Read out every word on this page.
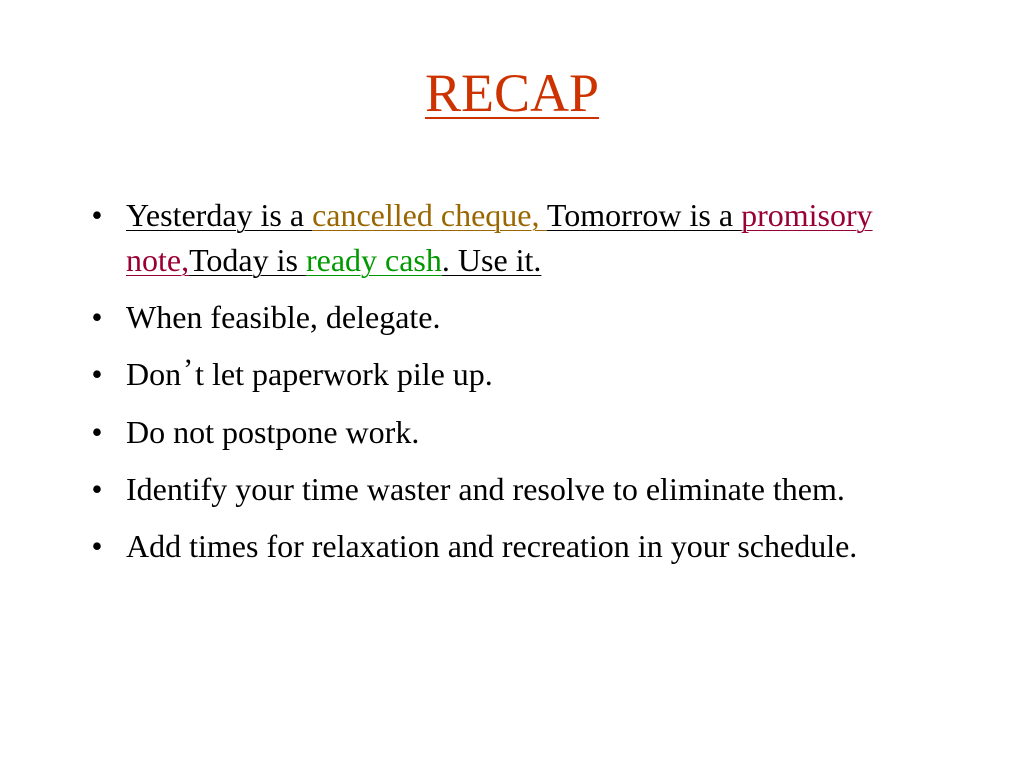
RECAP
• Yesterday is a cancelled cheque, Tomorrow is a promisory note,Today is ready cash. Use it.
• When feasible, delegate.
• Don’t let paperwork pile up.
• Do not postpone work.
• Identify your time waster and resolve to eliminate them.
• Add times for relaxation and recreation in your schedule.
